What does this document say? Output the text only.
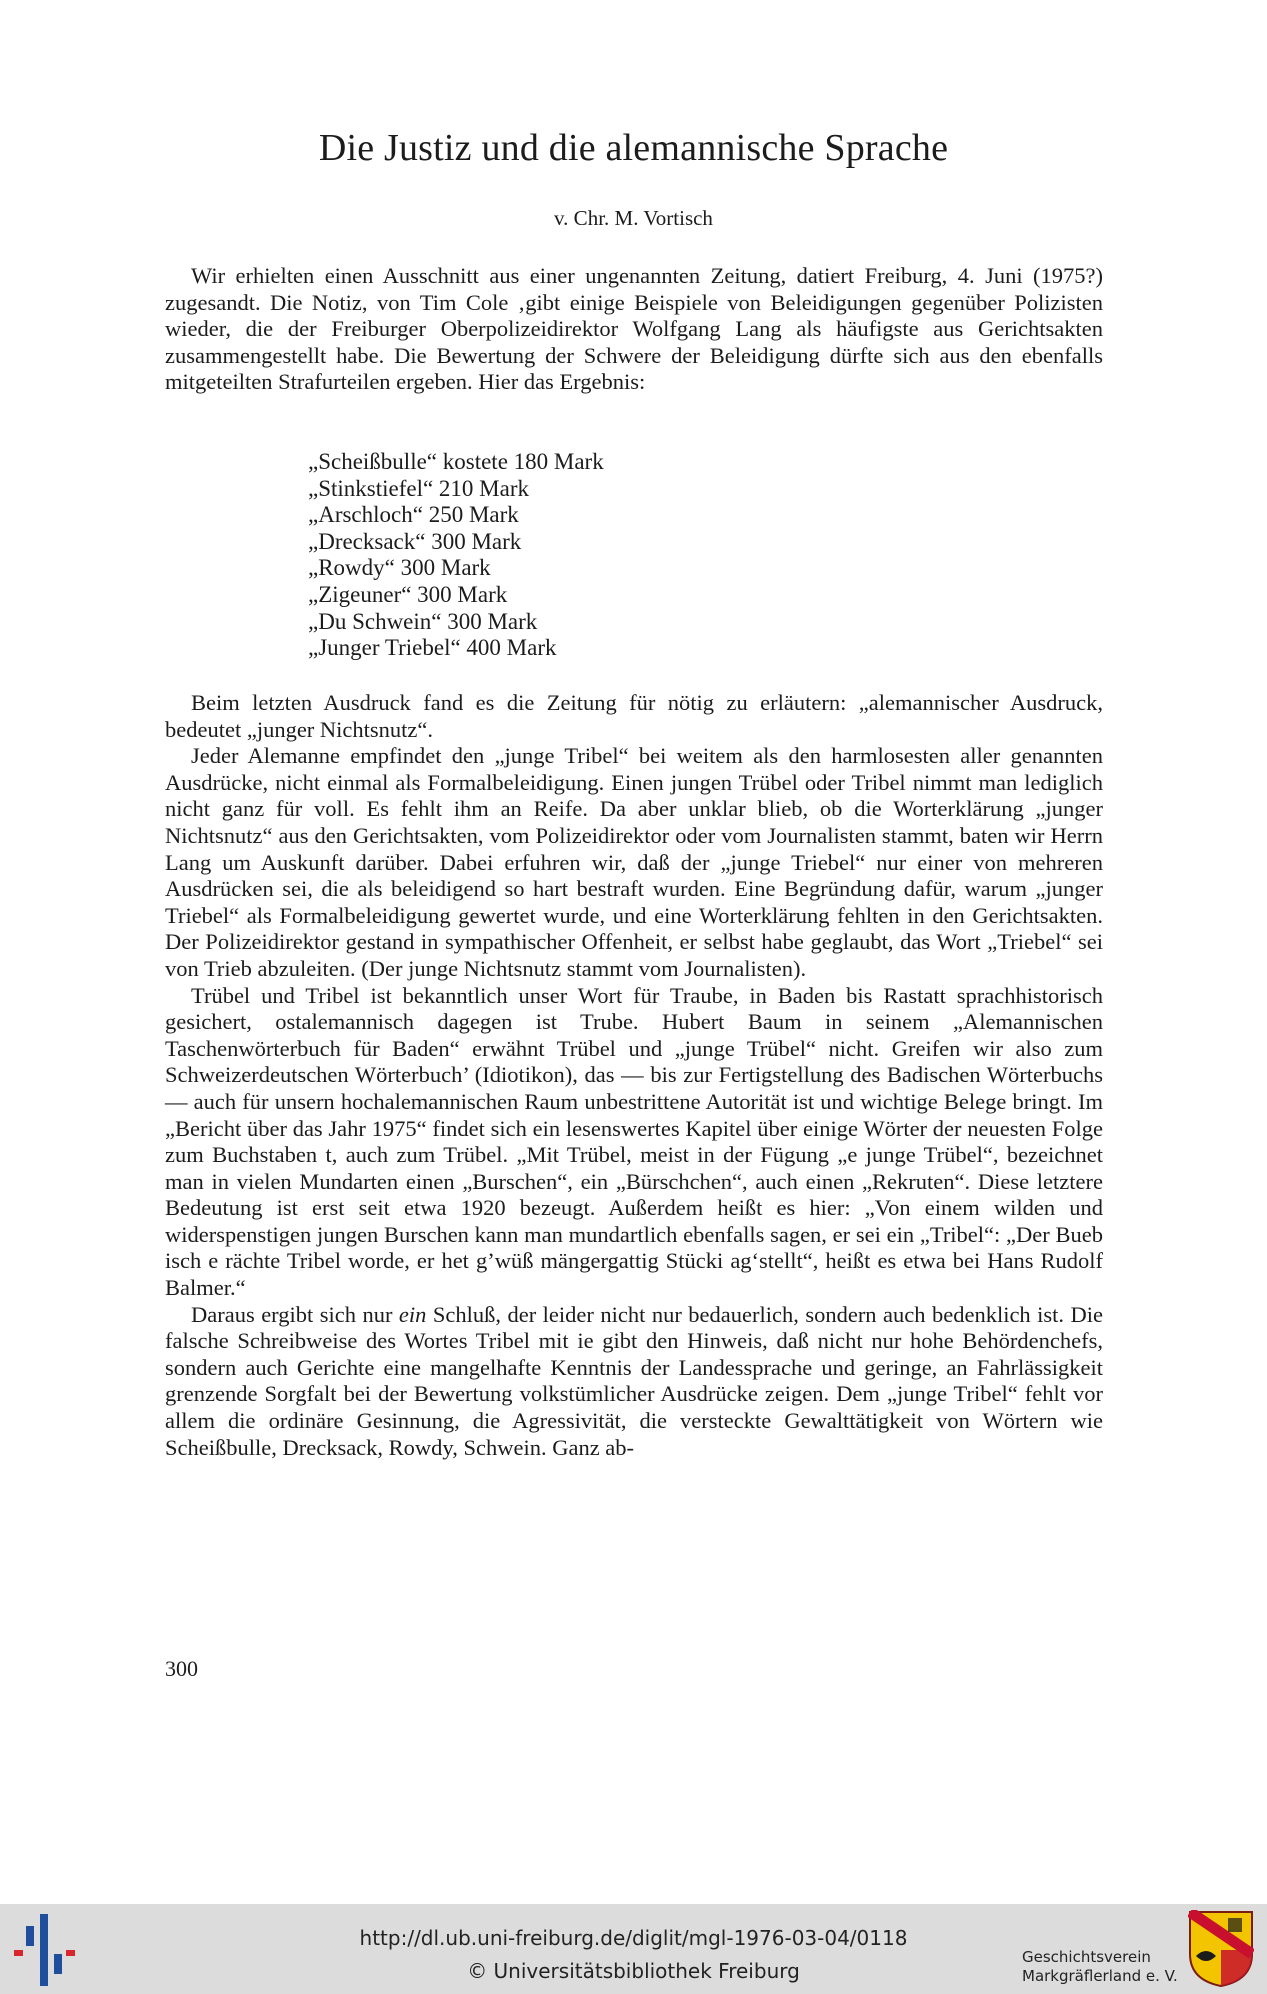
Die Justiz und die alemannische Sprache
v. Chr. M. Vortisch

Wir erhielten einen Ausschnitt aus einer ungenannten Zeitung, datiert Freiburg, 4. Juni (1975?) zugesandt. Die Notiz, von Tim Cole ‚gibt einige Beispiele von Beleidigungen gegenüber Polizisten wieder, die der Freiburger Oberpolizeidirektor Wolfgang Lang als häufigste aus Gerichtsakten zusammengestellt habe. Die Bewertung der Schwere der Beleidigung dürfte sich aus den ebenfalls mitgeteilten Strafurteilen ergeben. Hier das Ergebnis:

„Scheißbulle“ kostete 180 Mark
„Stinkstiefel“ 210 Mark
„Arschloch“ 250 Mark
„Drecksack“ 300 Mark
„Rowdy“ 300 Mark
„Zigeuner“ 300 Mark
„Du Schwein“ 300 Mark
„Junger Triebel“ 400 Mark

Beim letzten Ausdruck fand es die Zeitung für nötig zu erläutern: „alemannischer Ausdruck, bedeutet „junger Nichtsnutz“.

Jeder Alemanne empfindet den „junge Tribel“ bei weitem als den harmlosesten aller genannten Ausdrücke, nicht einmal als Formalbeleidigung. Einen jungen Trübel oder Tribel nimmt man lediglich nicht ganz für voll. Es fehlt ihm an Reife. Da aber unklar blieb, ob die Worterklärung „junger Nichtsnutz“ aus den Gerichtsakten, vom Polizeidirektor oder vom Journalisten stammt, baten wir Herrn Lang um Auskunft darüber. Dabei erfuhren wir, daß der „junge Triebel“ nur einer von mehreren Ausdrücken sei, die als beleidigend so hart bestraft wurden. Eine Begründung dafür, warum „junger Triebel“ als Formalbeleidigung gewertet wurde, und eine Worterklärung fehlten in den Gerichtsakten. Der Polizeidirektor gestand in sympathischer Offenheit, er selbst habe geglaubt, das Wort „Triebel“ sei von Trieb abzuleiten. (Der junge Nichtsnutz stammt vom Journalisten).

Trübel und Tribel ist bekanntlich unser Wort für Traube, in Baden bis Rastatt sprachhistorisch gesichert, ostalemannisch dagegen ist Trube. Hubert Baum in seinem „Alemannischen Taschenwörterbuch für Baden“ erwähnt Trübel und „junge Trübel“ nicht. Greifen wir also zum Schweizerdeutschen Wörterbuch’ (Idiotikon), das — bis zur Fertigstellung des Badischen Wörterbuchs — auch für unsern hochalemannischen Raum unbestrittene Autorität ist und wichtige Belege bringt. Im „Bericht über das Jahr 1975“ findet sich ein lesenswertes Kapitel über einige Wörter der neuesten Folge zum Buchstaben t, auch zum Trübel. „Mit Trübel, meist in der Fügung „e junge Trübel“, bezeichnet man in vielen Mundarten einen „Burschen“, ein „Bürschchen“, auch einen „Rekruten“. Diese letztere Bedeutung ist erst seit etwa 1920 bezeugt. Außerdem heißt es hier: „Von einem wilden und widerspenstigen jungen Burschen kann man mundartlich ebenfalls sagen, er sei ein „Tribel“: „Der Bueb isch e rächte Tribel worde, er het g’wüß mängergattig Stücki ag‘stellt“, heißt es etwa bei Hans Rudolf Balmer.“

Daraus ergibt sich nur ein Schluß, der leider nicht nur bedauerlich, sondern auch bedenklich ist. Die falsche Schreibweise des Wortes Tribel mit ie gibt den Hinweis, daß nicht nur hohe Behördenchefs, sondern auch Gerichte eine mangelhafte Kenntnis der Landessprache und geringe, an Fahrlässigkeit grenzende Sorgfalt bei der Bewertung volkstümlicher Ausdrücke zeigen. Dem „junge Tribel“ fehlt vor allem die ordinäre Gesinnung, die Agressivität, die versteckte Gewalttätigkeit von Wörtern wie Scheißbulle, Drecksack, Rowdy, Schwein. Ganz ab-

300
http://dl.ub.uni-freiburg.de/diglit/mgl-1976-03-04/0118
© Universitätsbibliothek Freiburg
Geschichtsverein
Markgräflerland e. V.
